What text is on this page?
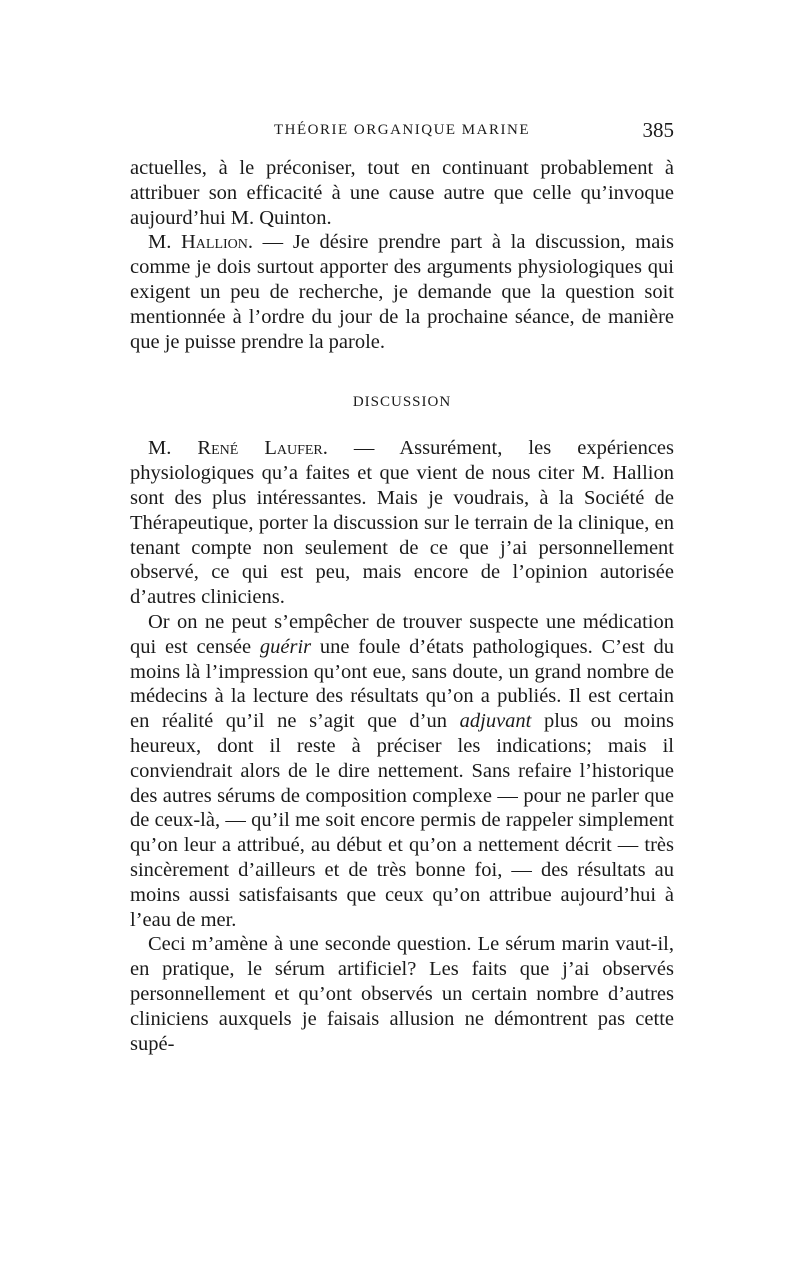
THÉORIE ORGANIQUE MARINE	385

actuelles, à le préconiser, tout en continuant probablement à attribuer son efficacité à une cause autre que celle qu’invoque aujourd’hui M. Quinton.

M. Hallion. — Je désire prendre part à la discussion, mais comme je dois surtout apporter des arguments physiologiques qui exigent un peu de recherche, je demande que la question soit mentionnée à l’ordre du jour de la prochaine séance, de manière que je puisse prendre la parole.

DISCUSSION

M. René Laufer. — Assurément, les expériences physiologiques qu’a faites et que vient de nous citer M. Hallion sont des plus intéressantes. Mais je voudrais, à la Société de Thérapeutique, porter la discussion sur le terrain de la clinique, en tenant compte non seulement de ce que j’ai personnellement observé, ce qui est peu, mais encore de l’opinion autorisée d’autres cliniciens.

Or on ne peut s’empêcher de trouver suspecte une médication qui est censée guérir une foule d’états pathologiques. C’est du moins là l’impression qu’ont eue, sans doute, un grand nombre de médecins à la lecture des résultats qu’on a publiés. Il est certain en réalité qu’il ne s’agit que d’un adjuvant plus ou moins heureux, dont il reste à préciser les indications; mais il conviendrait alors de le dire nettement. Sans refaire l’historique des autres sérums de composition complexe — pour ne parler que de ceux-là, — qu’il me soit encore permis de rappeler simplement qu’on leur a attribué, au début et qu’on a nettement décrit — très sincèrement d’ailleurs et de très bonne foi, — des résultats au moins aussi satisfaisants que ceux qu’on attribue aujourd’hui à l’eau de mer.

Ceci m’amène à une seconde question. Le sérum marin vaut-il, en pratique, le sérum artificiel? Les faits que j’ai observés personnellement et qu’ont observés un certain nombre d’autres cliniciens auxquels je faisais allusion ne démontrent pas cette supé-
